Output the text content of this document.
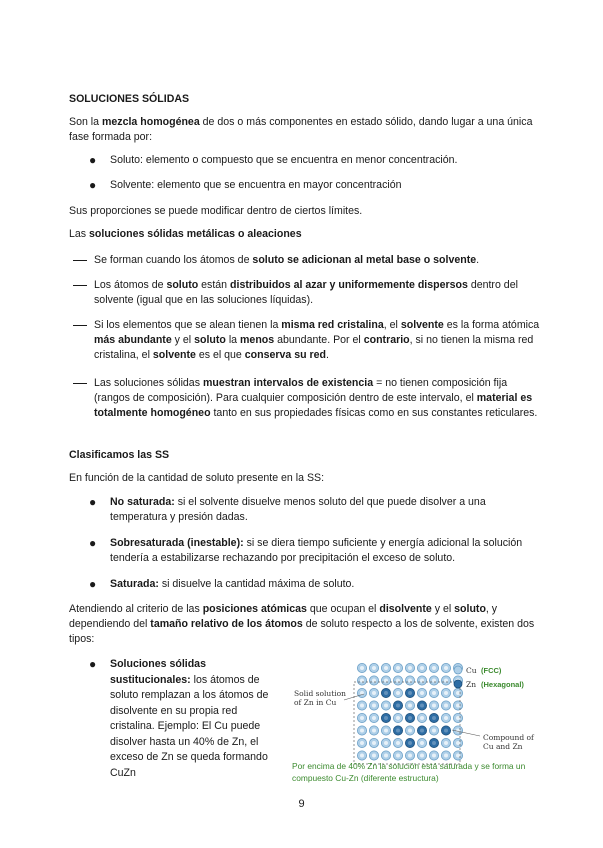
SOLUCIONES SÓLIDAS

Son la mezcla homogénea de dos o más componentes en estado sólido, dando lugar a una única fase formada por:

● Soluto: elemento o compuesto que se encuentra en menor concentración.
● Solvente: elemento que se encuentra en mayor concentración

Sus proporciones se puede modificar dentro de ciertos límites.

Las soluciones sólidas metálicas o aleaciones

Se forman cuando los átomos de soluto se adicionan al metal base o solvente.
Los átomos de soluto están distribuidos al azar y uniformemente dispersos dentro del solvente (igual que en las soluciones líquidas).
Si los elementos que se alean tienen la misma red cristalina, el solvente es la forma atómica más abundante y el soluto la menos abundante. Por el contrario, si no tienen la misma red cristalina, el solvente es el que conserva su red.
Las soluciones sólidas muestran intervalos de existencia = no tienen composición fija (rangos de composición). Para cualquier composición dentro de este intervalo, el material es totalmente homogéneo tanto en sus propiedades físicas como en sus constantes reticulares.

Clasificamos las SS

En función de la cantidad de soluto presente en la SS:

● No saturada: si el solvente disuelve menos soluto del que puede disolver a una temperatura y presión dadas.
● Sobresaturada (inestable): si se diera tiempo suficiente y energía adicional la solución tendería a estabilizarse rechazando por precipitación el exceso de soluto.
● Saturada: si disuelve la cantidad máxima de soluto.

Atendiendo al criterio de las posiciones atómicas que ocupan el disolvente y el soluto, y dependiendo del tamaño relativo de los átomos de soluto respecto a los de solvente, existen dos tipos:

● Soluciones sólidas sustitucionales: los átomos de soluto remplazan a los átomos de disolvente en su propia red cristalina. Ejemplo: El Cu puede disolver hasta un 40% de Zn, el exceso de Zn se queda formando CuZn
Solid solution
of Zn in Cu
Cu (FCC)
Zn (Hexagonal)
Compound of
Cu and Zn
Por encima de 40% Zn la solución está saturada y se forma un compuesto Cu-Zn (diferente estructura)
9
